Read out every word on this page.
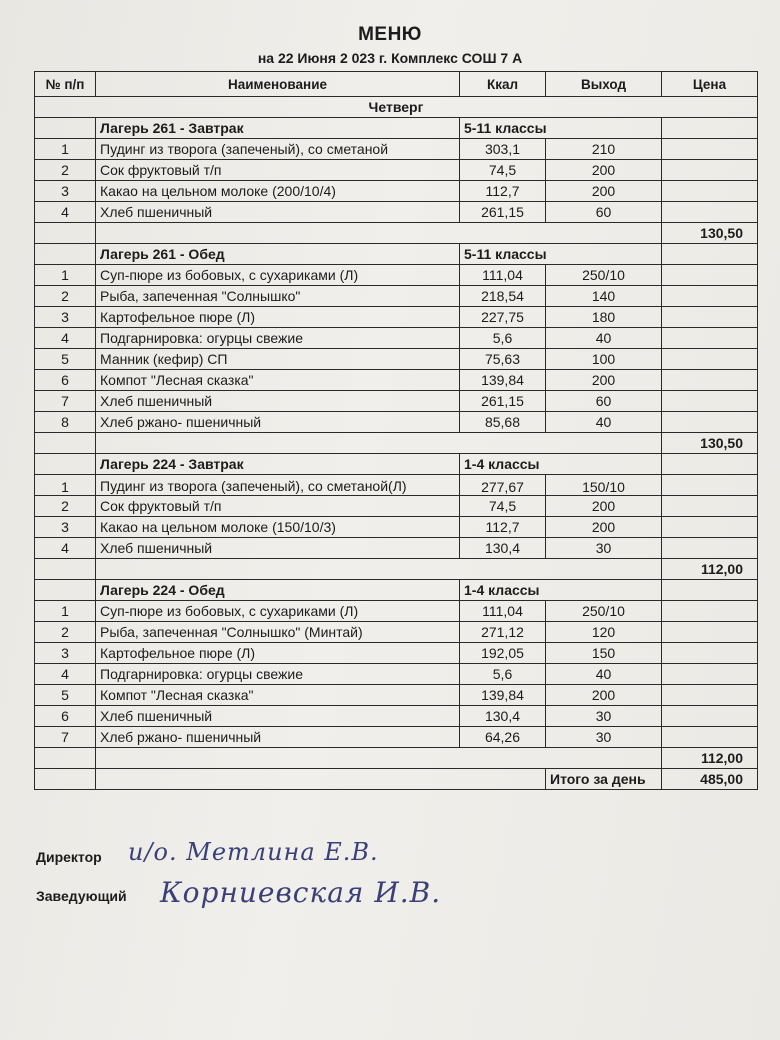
МЕНЮ
на 22 Июня 2 023 г. Комплекс СОШ 7 А
№ п/п	Наименование	Ккал	Выход	Цена
Четверг				
	Лагерь 261 - Завтрак	5-11 классы		
1	Пудинг из творога (запеченый), со сметаной	303,1	210	
2	Сок фруктовый т/п	74,5	200	
3	Какао на цельном молоке (200/10/4)	112,7	200	
4	Хлеб пшеничный	261,15	60	
				130,50
	Лагерь 261 - Обед	5-11 классы		
1	Суп-пюре из бобовых, с сухариками (Л)	111,04	250/10	
2	Рыба, запеченная "Солнышко"	218,54	140	
3	Картофельное пюре (Л)	227,75	180	
4	Подгарнировка: огурцы свежие	5,6	40	
5	Манник (кефир) СП	75,63	100	
6	Компот "Лесная сказка"	139,84	200	
7	Хлеб пшеничный	261,15	60	
8	Хлеб ржано- пшеничный	85,68	40	
				130,50
	Лагерь 224 - Завтрак	1-4 классы		
1	Пудинг из творога (запеченый), со сметаной(Л)	277,67	150/10	
2	Сок фруктовый т/п	74,5	200	
3	Какао на цельном молоке (150/10/3)	112,7	200	
4	Хлеб пшеничный	130,4	30	
				112,00
	Лагерь 224 - Обед	1-4 классы		
1	Суп-пюре из бобовых, с сухариками (Л)	111,04	250/10	
2	Рыба, запеченная "Солнышко" (Минтай)	271,12	120	
3	Картофельное пюре (Л)	192,05	150	
4	Подгарнировка: огурцы свежие	5,6	40	
5	Компот "Лесная сказка"	139,84	200	
6	Хлеб пшеничный	130,4	30	
7	Хлеб ржано- пшеничный	64,26	30	
				112,00
			Итого за день	485,00
Директор и/о. Метлина Е.В.
Заведующий Корниевская И.В.
